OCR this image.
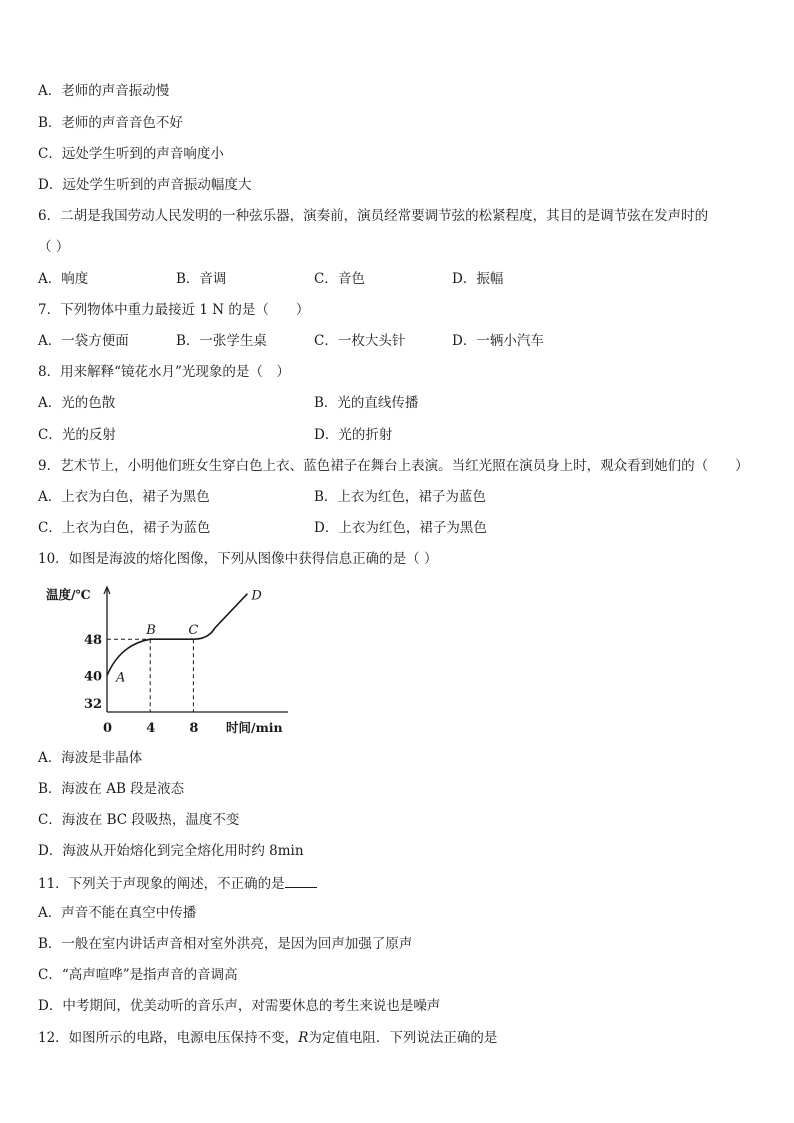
A．老师的声音振动慢
B．老师的声音音色不好
C．远处学生听到的声音响度小
D．远处学生听到的声音振动幅度大
6．二胡是我国劳动人民发明的一种弦乐器，演奏前，演员经常要调节弦的松紧程度，其目的是调节弦在发声时的
（ ）
A．响度	B．音调	C．音色	D．振幅
7．下列物体中重力最接近 1 N 的是（　　）
A．一袋方便面	B．一张学生桌	C．一枚大头针	D．一辆小汽车
8．用来解释“镜花水月”光现象的是（　）
A．光的色散	B．光的直线传播
C．光的反射	D．光的折射
9．艺术节上，小明他们班女生穿白色上衣、蓝色裙子在舞台上表演。当红光照在演员身上时，观众看到她们的（　　）
A．上衣为白色，裙子为黑色	B．上衣为红色，裙子为蓝色
C．上衣为白色，裙子为蓝色	D．上衣为红色，裙子为黑色
10．如图是海波的熔化图像，下列从图像中获得信息正确的是（ ）
温度/℃
时间/min
48
40
32
0	4	8
A
B	C
D
A．海波是非晶体
B．海波在 AB 段是液态
C．海波在 BC 段吸热，温度不变
D．海波从开始熔化到完全熔化用时约 8min
11．下列关于声现象的阐述，不正确的是
A．声音不能在真空中传播
B．一般在室内讲话声音相对室外洪亮，是因为回声加强了原声
C．“高声喧哗”是指声音的音调高
D．中考期间，优美动听的音乐声，对需要休息的考生来说也是噪声
12．如图所示的电路，电源电压保持不变，R为定值电阻．下列说法正确的是
